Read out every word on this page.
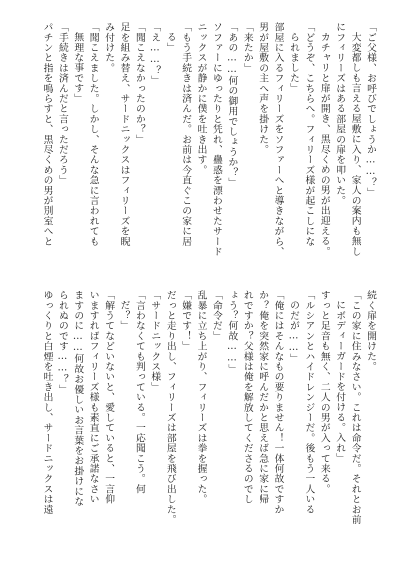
「ご父様、お呼びでしょうか……？」
大変都しも言える屋敷に入り、家人の案内も無し
にフィリーズはある部屋の扉を叩いた。
カチャリと扉が開き、黒尽くめの男が出迎える。
「どうぞ、こちらへ。フィリーズ様が起こしにな
られました」
部屋に入るフィリーズをソファーへと導きながら、
男が屋敷の主へ声を掛けた。
「来たか」
「あの……何の御用でしょうか？」
ソファーにゆったりと凭れ、蠱惑を漂わせたサード
ニックスが静かに僕を吐き出す。
「もう手続きは済んだ。お前は今直ぐこの家に居
る」
「え……？」
「聞こえなかったのか？」
足を組み替え、サードニックスはフィリーズを睨
み付けた。
「聞こえました。しかし、そんな急に言われても
無理な事です」
「手続きは済んだと言っただろう」
パチンと指を鳴らすと、黒尽くめの男が別室へと
続く扉を開けた。
「この家に住みなさい。これは命令だ。それとお前
にボディーガードを付ける。入れ」
すっと足音も無く、二人の男が入って来る。
「ルシアンとハイドレンジーだ。後もう一人いる
のだが……」
「俺にはそんなもの要りません！一体何故ですか
か？俺を突然家に呼んだかと思えば急に家に帰
れですか？父様は俺を解放してくださるのでし
ょう？何故……」
「命令だ」
乱暴に立ち上がり、フィリーズは拳を握った。
「嫌です！」
だっと走り出し、フィリーズは部屋を飛び出した。
「サードニックス様」
「言わなくても判っている。一応聞こう。何
だ？」
「解うてなどいないと、愛していると、一言仰
いますればフィリーズ様も素直にご承諾なさい
ますのに……何故お優しいお言葉をお掛けにな
られぬのです……？」
ゆっくりと白煙を吐き出し、サードニックスは遠
